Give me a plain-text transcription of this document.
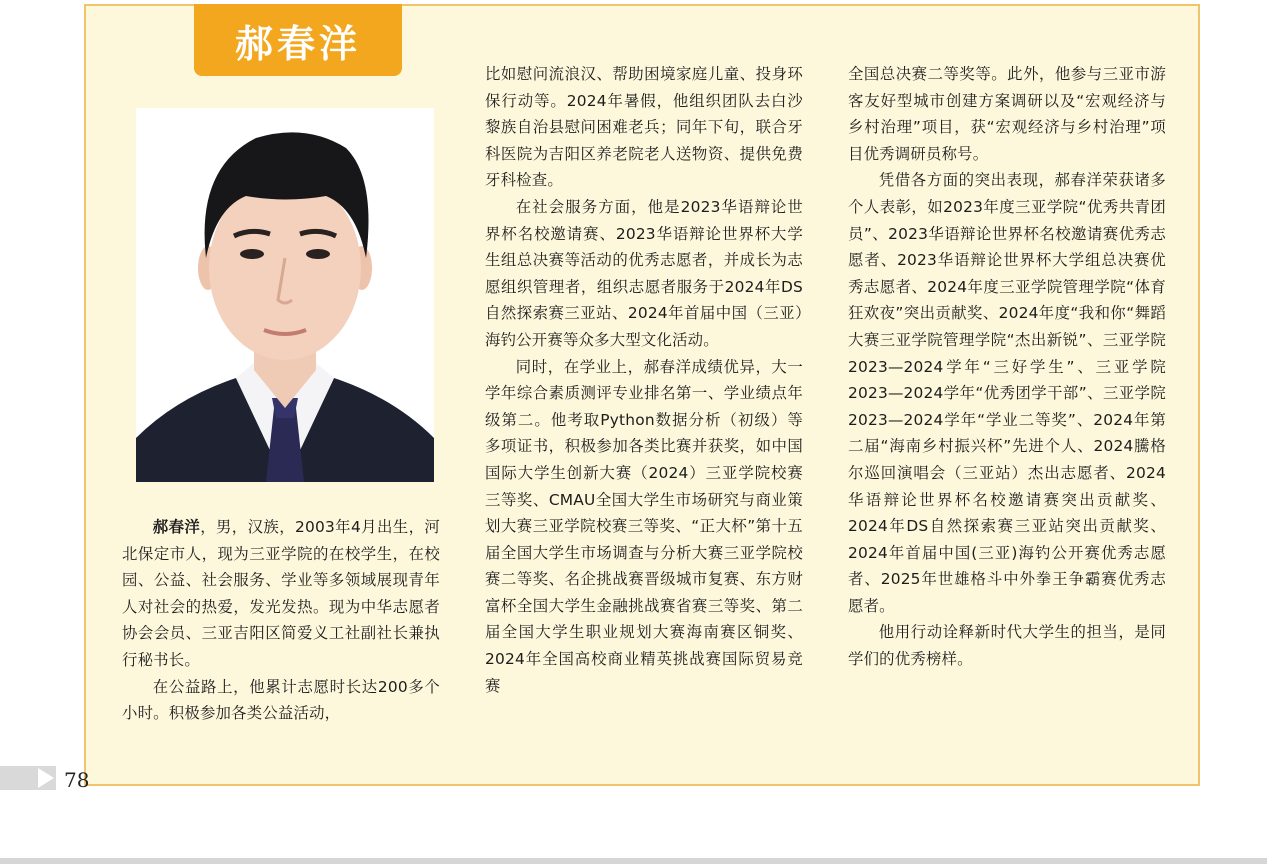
郝春洋

郝春洋，男，汉族，2003年4月出生，河北保定市人，现为三亚学院的在校学生，在校园、公益、社会服务、学业等多领域展现青年人对社会的热爱，发光发热。现为中华志愿者协会会员、三亚吉阳区简爱义工社副社长兼执行秘书长。

在公益路上，他累计志愿时长达200多个小时。积极参加各类公益活动，

比如慰问流浪汉、帮助困境家庭儿童、投身环保行动等。2024年暑假，他组织团队去白沙黎族自治县慰问困难老兵；同年下旬，联合牙科医院为吉阳区养老院老人送物资、提供免费牙科检查。

在社会服务方面，他是2023华语辩论世界杯名校邀请赛、2023华语辩论世界杯大学生组总决赛等活动的优秀志愿者，并成长为志愿组织管理者，组织志愿者服务于2024年DS自然探索赛三亚站、2024年首届中国（三亚）海钓公开赛等众多大型文化活动。

同时，在学业上，郝春洋成绩优异，大一学年综合素质测评专业排名第一、学业绩点年级第二。他考取Python数据分析（初级）等多项证书，积极参加各类比赛并获奖，如中国国际大学生创新大赛（2024）三亚学院校赛三等奖、CMAU全国大学生市场研究与商业策划大赛三亚学院校赛三等奖、“正大杯”第十五届全国大学生市场调查与分析大赛三亚学院校赛二等奖、名企挑战赛晋级城市复赛、东方财富杯全国大学生金融挑战赛省赛三等奖、第二届全国大学生职业规划大赛海南赛区铜奖、2024年全国高校商业精英挑战赛国际贸易竞赛

全国总决赛二等奖等。此外，他参与三亚市游客友好型城市创建方案调研以及“宏观经济与乡村治理”项目，获“宏观经济与乡村治理”项目优秀调研员称号。

凭借各方面的突出表现，郝春洋荣获诸多个人表彰，如2023年度三亚学院“优秀共青团员”、2023华语辩论世界杯名校邀请赛优秀志愿者、2023华语辩论世界杯大学组总决赛优秀志愿者、2024年度三亚学院管理学院“体育狂欢夜”突出贡献奖、2024年度“我和你“舞蹈大赛三亚学院管理学院“杰出新锐”、三亚学院2023—2024学年“三好学生”、三亚学院2023—2024学年“优秀团学干部”、三亚学院2023—2024学年“学业二等奖”、2024年第二届“海南乡村振兴杯”先进个人、2024騰格尔巡回演唱会（三亚站）杰出志愿者、2024华语辩论世界杯名校邀请赛突出贡献奖、2024年DS自然探索赛三亚站突出贡献奖、2024年首届中国(三亚)海钓公开赛优秀志愿者、2025年世雄格斗中外拳王争霸赛优秀志愿者。

他用行动诠释新时代大学生的担当，是同学们的优秀榜样。

78
